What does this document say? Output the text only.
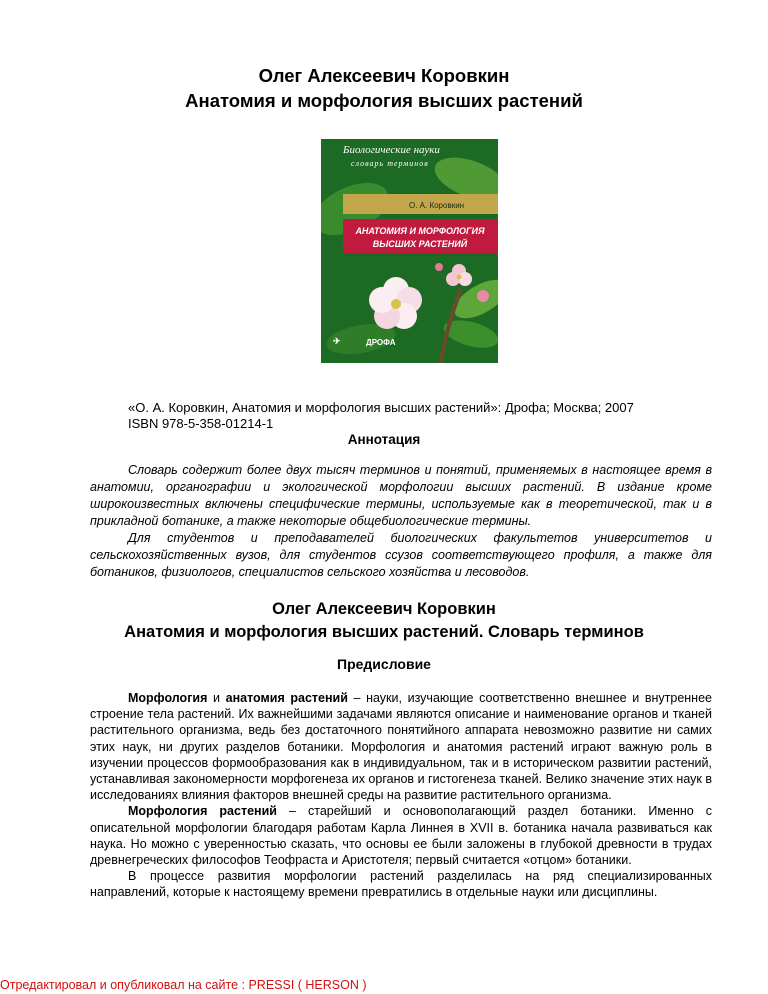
Олег Алексеевич Коровкин
Анатомия и морфология высших растений
Биологические науки
словарь терминов
О. А. Коровкин
АНАТОМИЯ И МОРФОЛОГИЯ
ВЫСШИХ РАСТЕНИЙ
✈	ДРОФА
«О. А. Коровкин, Анатомия и морфология высших растений»: Дрофа; Москва; 2007
ISBN 978-5-358-01214-1
Аннотация

Словарь содержит более двух тысяч терминов и понятий, применяемых в настоящее время в анатомии, органографии и экологической морфологии высших растений. В издание кроме широкоизвестных включены специфические термины, используемые как в теоретической, так и в прикладной ботанике, а также некоторые общебиологические термины.

Для студентов и преподавателей биологических факультетов университетов и сельскохозяйственных вузов, для студентов ссузов соответствующего профиля, а также для ботаников, физиологов, специалистов сельского хозяйства и лесоводов.

Олег Алексеевич Коровкин
Анатомия и морфология высших растений. Словарь терминов
Предисловие

Морфология и анатомия растений – науки, изучающие соответственно внешнее и внутреннее строение тела растений. Их важнейшими задачами являются описание и наименование органов и тканей растительного организма, ведь без достаточного понятийного аппарата невозможно развитие ни самих этих наук, ни других разделов ботаники. Морфология и анатомия растений играют важную роль в изучении процессов формообразования как в индивидуальном, так и в историческом развитии растений, устанавливая закономерности морфогенеза их органов и гистогенеза тканей. Велико значение этих наук в исследованиях влияния факторов внешней среды на развитие растительного организма.

Морфология растений – старейший и основополагающий раздел ботаники. Именно с описательной морфологии благодаря работам Карла Линнея в XVII в. ботаника начала развиваться как наука. Но можно с уверенностью сказать, что основы ее были заложены в глубокой древности в трудах древнегреческих философов Теофраста и Аристотеля; первый считается «отцом» ботаники.

В процессе развития морфологии растений разделилась на ряд специализированных направлений, которые к настоящему времени превратились в отдельные науки или дисциплины.

Отредактировал и опубликовал на сайте : PRESSI ( HERSON )
